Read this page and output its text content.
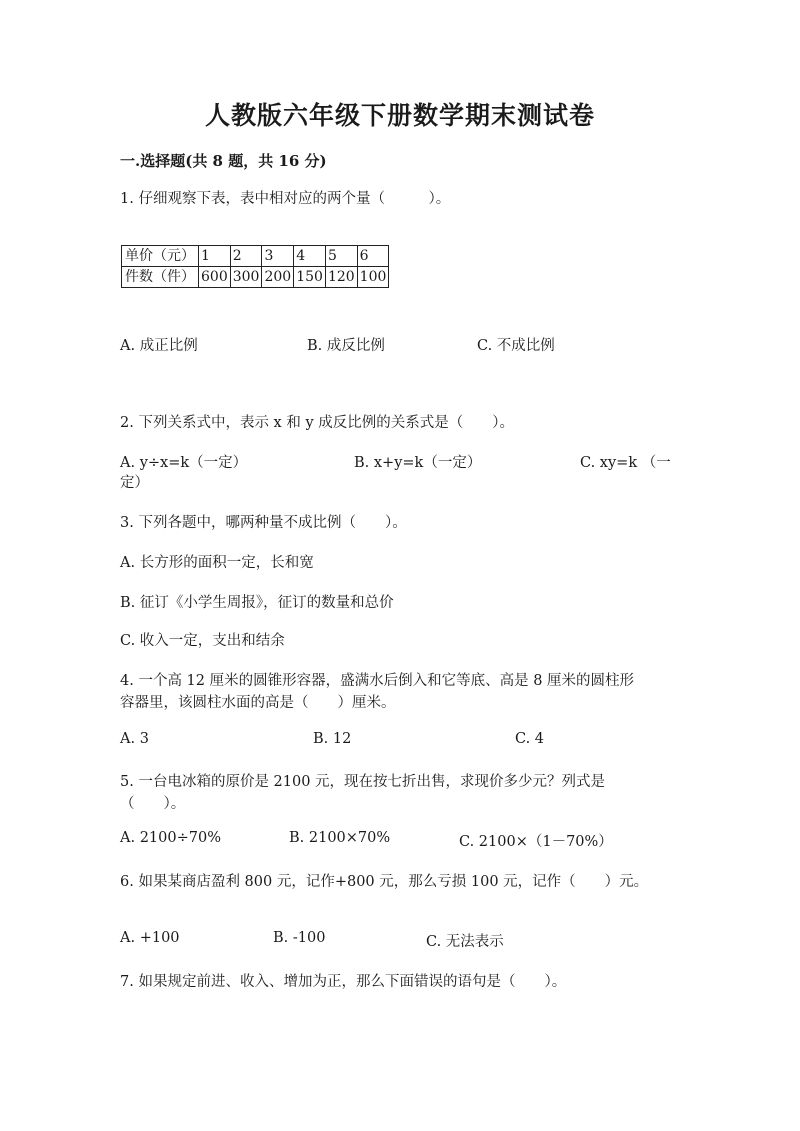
人教版六年级下册数学期末测试卷
一.选择题(共 8 题，共 16 分)
1. 仔细观察下表，表中相对应的两个量（　　　）。
单价（元）	1	2	3	4	5	6
件数（件）	600	300	200	150	120	100
A. 成正比例	B. 成反比例	C. 不成比例
2. 下列关系式中，表示 x 和 y 成反比例的关系式是（　　）。
A. y÷x=k（一定）	B. x+y=k（一定）	C. xy=k （一
定）
3. 下列各题中，哪两种量不成比例（　　）。
A. 长方形的面积一定，长和宽
B. 征订《小学生周报》，征订的数量和总价
C. 收入一定，支出和结余
4. 一个高 12 厘米的圆锥形容器，盛满水后倒入和它等底、高是 8 厘米的圆柱形
容器里，该圆柱水面的高是（　　）厘米。
A. 3	B. 12	C. 4
5. 一台电冰箱的原价是 2100 元，现在按七折出售，求现价多少元？列式是
（　　）。
A. 2100÷70%	B. 2100×70%	C. 2100×（1－70%）
6. 如果某商店盈利 800 元，记作+800 元，那么亏损 100 元，记作（　　）元。
A. +100	B. -100	C. 无法表示
7. 如果规定前进、收入、增加为正，那么下面错误的语句是（　　）。
